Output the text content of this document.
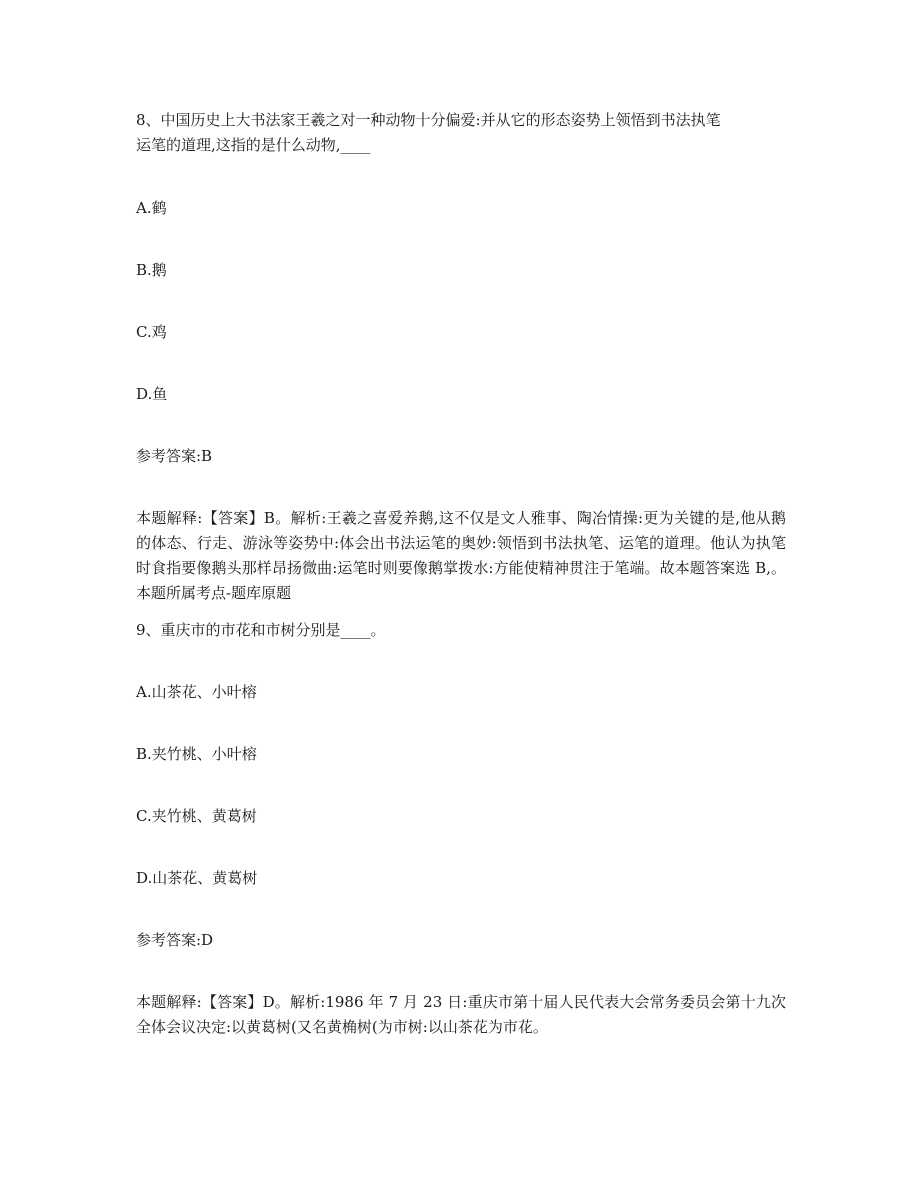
8、中国历史上大书法家王羲之对一种动物十分偏爱:并从它的形态姿势上领悟到书法执笔
运笔的道理,这指的是什么动物,____
A.鹤
B.鹅
C.鸡
D.鱼
参考答案:B
本题解释:【答案】B。解析:王羲之喜爱养鹅,这不仅是文人雅事、陶冶情操:更为关键的是,他从鹅的体态、行走、游泳等姿势中:体会出书法运笔的奥妙:领悟到书法执笔、运笔的道理。他认为执笔时食指要像鹅头那样昂扬微曲:运笔时则要像鹅掌拨水:方能使精神贯注于笔端。故本题答案选 B,。本题所属考点-题库原题
9、重庆市的市花和市树分别是____。
A.山茶花、小叶榕
B.夹竹桃、小叶榕
C.夹竹桃、黄葛树
D.山茶花、黄葛树
参考答案:D
本题解释:【答案】D。解析:1986 年 7 月 23 日:重庆市第十届人民代表大会常务委员会第十九次全体会议决定:以黄葛树(又名黄桷树(为市树:以山茶花为市花。
